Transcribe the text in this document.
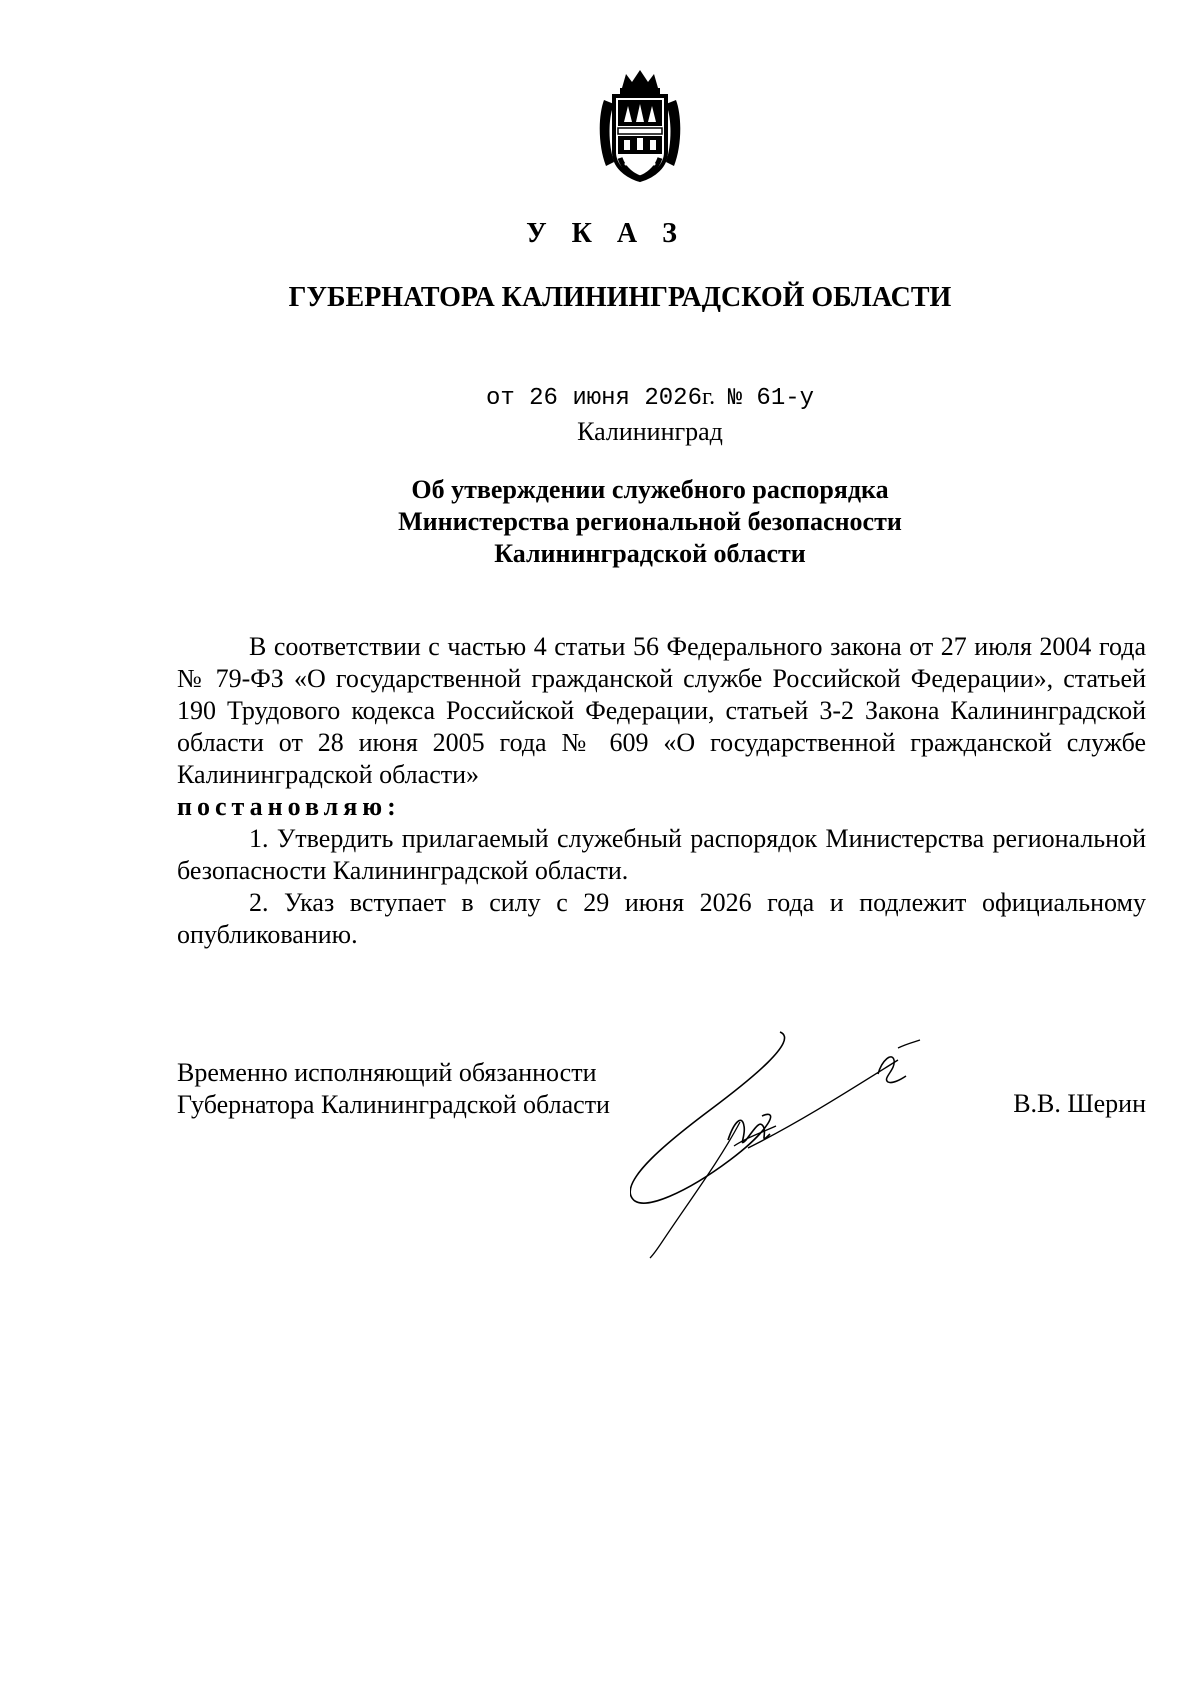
У К А З
ГУБЕРНАТОРА КАЛИНИНГРАДСКОЙ ОБЛАСТИ
от 26 июня 2026г. № 61-у
Калининград
Об утверждении служебного распорядка
Министерства региональной безопасности
Калининградской области

В соответствии с частью 4 статьи 56 Федерального закона от 27 июля 2004 года № 79-ФЗ «О государственной гражданской службе Российской Федерации», статьей 190 Трудового кодекса Российской Федерации, статьей 3-2 Закона Калининградской области от 28 июня 2005 года № 609 «О государственной гражданской службе Калининградской области»
постановляю:

1. Утвердить прилагаемый служебный распорядок Министерства региональной безопасности Калининградской области.

2. Указ вступает в силу с 29 июня 2026 года и подлежит официальному опубликованию.

Временно исполняющий обязанности
Губернатора Калининградской области	В.В. Шерин
